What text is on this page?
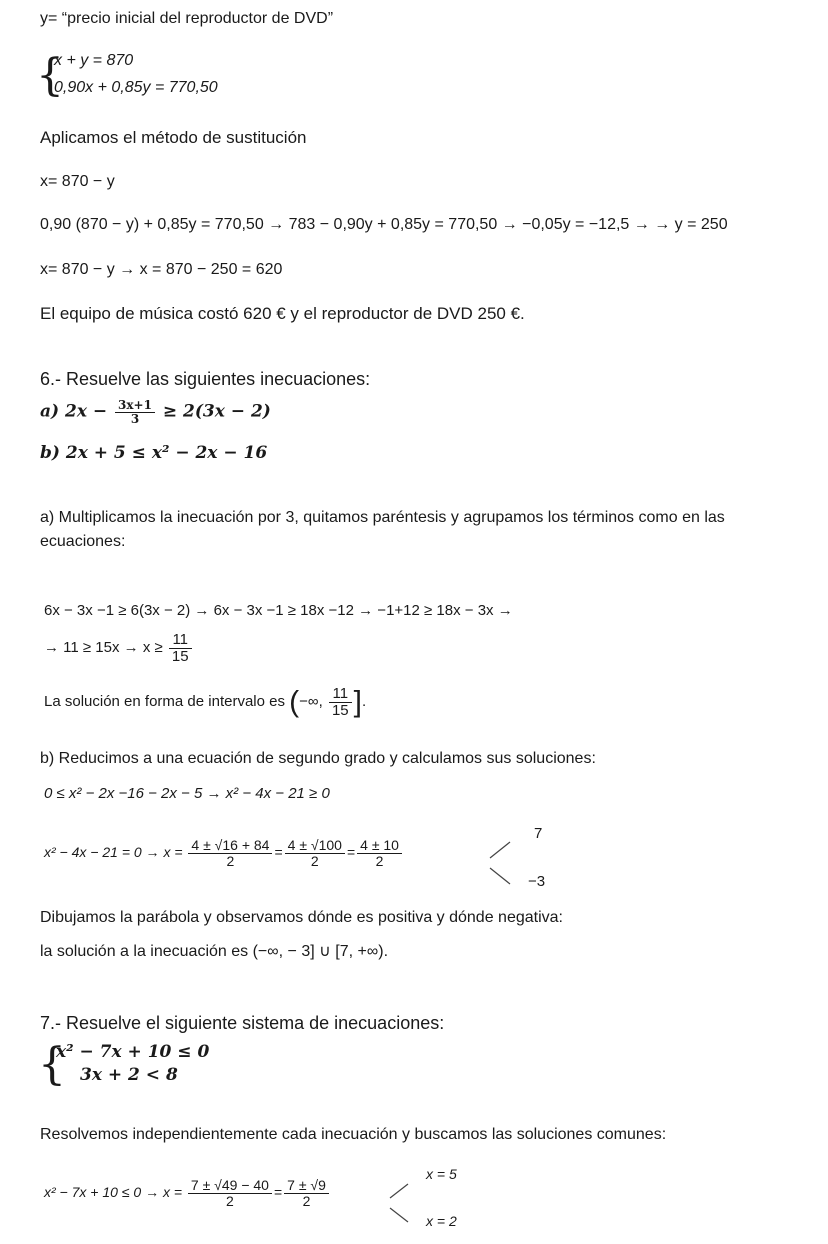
y= “precio inicial del reproductor de DVD”
{
x + y = 870
0,90x + 0,85y = 770,50
Aplicamos el método de sustitución
x= 870 − y
0,90 (870 − y) + 0,85y = 770,50 → 783 − 0,90y + 0,85y = 770,50 → −0,05y = −12,5 → → y = 250
x= 870 − y → x = 870 − 250 = 620
El equipo de música costó 620 € y el reproductor de DVD 250 €.
6.- Resuelve las siguientes inecuaciones:
a) $2x - \frac{3x+1}{3} \ge 2(3x - 2)$
b) 2x + 5 ≤ x² − 2x − 16
a) Multiplicamos la inecuación por 3, quitamos paréntesis y agrupamos los términos como en las
ecuaciones:
6x − 3x −1 ≥ 6(3x − 2) → 6x − 3x −1 ≥ 18x −12 → −1+12 ≥ 18x − 3x →
→ $11 \ge 15x \to x \ge \frac{11}{15}$
La solución en forma de intervalo es (−∞, $\frac{11}{15}$ ].
b) Reducimos a una ecuación de segundo grado y calculamos sus soluciones:
0 ≤ x² − 2x −16 − 2x − 5 → x² − 4x − 21 ≥ 0
$x^2 - 4x - 21 = 0 \to x = \frac{4 \pm √16 + 84}{2} = \frac{4 \pm √100}{2} = \frac{4 \pm 10}{2}$
7
−3
Dibujamos la parábola y observamos dónde es positiva y dónde negativa:
la solución a la inecuación es (−∞, − 3] ∪ [7, +∞).
7.- Resuelve el siguiente sistema de inecuaciones:
{
x² − 7x + 10 ≤ 0
3x + 2 < 8
Resolvemos independientemente cada inecuación y buscamos las soluciones comunes:
$x^2 - 7x + 10 \le 0 \to x = \frac{7 \pm √49 - 40}{2} = \frac{7 \pm √9}{2}$
x = 5
x = 2
